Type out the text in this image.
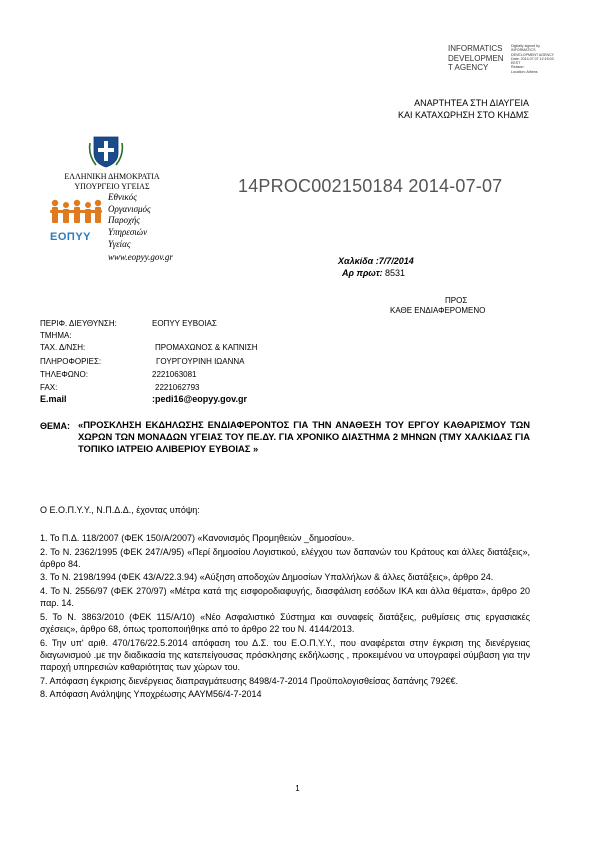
INFORMATICS
DEVELOPMEN
T AGENCY
Digitally signed by
INFORMATICS
DEVELOPMENT AGENCY
Date: 2014.07.07 12:15:03
EEST
Reason:
Location: Athens
ΑΝΑΡΤΗΤΕΑ ΣΤΗ ΔΙΑΥΓΕΙΑ
ΚΑΙ ΚΑΤΑΧΩΡΗΣΗ ΣΤΟ ΚΗΔΜΣ
ΕΛΛΗΝΙΚΗ ΔΗΜΟΚΡΑΤΙΑ
ΥΠΟΥΡΓΕΙΟ ΥΓΕΙΑΣ
ΕΟΠΥΥ
Εθνικός
Οργανισμός
Παροχής
Υπηρεσιών
Υγείας
www.eopyy.gov.gr
14PROC002150184 2014-07-07
Χαλκίδα :7/7/2014
Αρ πρωτ: 8531
ΠΡΟΣ
ΚΑΘΕ ΕΝΔΙΑΦΕΡΟΜΕΝΟ
ΠΕΡΙΦ. ΔΙΕΥΘΥΝΣΗ:	ΕΟΠΥΥ ΕΥΒΟΙΑΣ
ΤΜΗΜΑ:
ΤΑΧ. Δ/ΝΣΗ:	ΠΡΟΜΑΧΩΝΟΣ & ΚΑΠΝΙΣΗ
ΠΛΗΡΟΦΟΡΙΕΣ:	ΓΟΥΡΓΟΥΡΙΝΗ ΙΩΑΝΝΑ
ΤΗΛΕΦΩΝΟ:	2221063081
FAX:	2221062793
E.mail	:pedi16@eopyy.gov.gr
ΘΕΜΑ: «ΠΡΟΣΚΛΗΣΗ ΕΚΔΗΛΩΣΗΣ ΕΝΔΙΑΦΕΡΟΝΤΟΣ ΓΙΑ ΤΗΝ ΑΝΑΘΕΣΗ ΤΟΥ ΕΡΓΟΥ ΚΑΘΑΡΙΣΜΟΥ ΤΩΝ ΧΩΡΩΝ ΤΩΝ ΜΟΝΑΔΩΝ ΥΓΕΙΑΣ ΤΟΥ ΠΕ.ΔΥ. ΓΙΑ ΧΡΟΝΙΚΟ ΔΙΑΣΤΗΜΑ 2 ΜΗΝΩΝ (ΤΜΥ ΧΑΛΚΙΔΑΣ ΓΙΑ ΤΟΠΙΚΟ ΙΑΤΡΕΙΟ ΑΛΙΒΕΡΙΟΥ ΕΥΒΟΙΑΣ »
Ο Ε.Ο.Π.Υ.Υ., Ν.Π.Δ.Δ., έχοντας υπόψη:
1. Το Π.Δ. 118/2007 (ΦΕΚ 150/Α/2007) «Κανονισμός Προμηθειών _δημοσίου».
2. Το Ν. 2362/1995 (ΦΕΚ 247/Α/95) «Περί δημοσίου Λογιστικού, ελέγχου των δαπανών του Κράτους και άλλες διατάξεις», άρθρο 84.
3. Το Ν. 2198/1994 (ΦΕΚ 43/Α/22.3.94) «Αύξηση αποδοχών Δημοσίων Υπαλλήλων & άλλες διατάξεις», άρθρο 24.
4. Το Ν. 2556/97 (ΦΕΚ 270/97) «Μέτρα κατά της εισφοροδιαφυγής, διασφάλιση εσόδων ΙΚΑ και άλλα θέματα», άρθρο 20 παρ. 14.
5. Το Ν. 3863/2010 (ΦΕΚ 115/Α/10) «Νέο Ασφαλιστικό Σύστημα και συναφείς διατάξεις, ρυθμίσεις στις εργασιακές σχέσεις», άρθρο 68, όπως τροποποιήθηκε από το άρθρο 22 του Ν. 4144/2013.
6. Την υπ' αριθ. 470/176/22.5.2014 απόφαση του Δ.Σ. του Ε.Ο.Π.Υ.Υ., που αναφέρεται στην έγκριση της διενέργειας διαγωνισμού .με την διαδικασία της κατεπείγουσας πρόσκλησης εκδήλωσης , προκειμένου να υπογραφεί σύμβαση για την παροχή υπηρεσιών καθαριότητας των χώρων του.
7. Απόφαση έγκρισης διενέργειας διαπραγμάτευσης 8498/4-7-2014 Προϋπολογισθείσας δαπάνης 792€€.
8. Απόφαση Ανάληψης Υποχρέωσης ΑΑΥΜ56/4-7-2014
1
